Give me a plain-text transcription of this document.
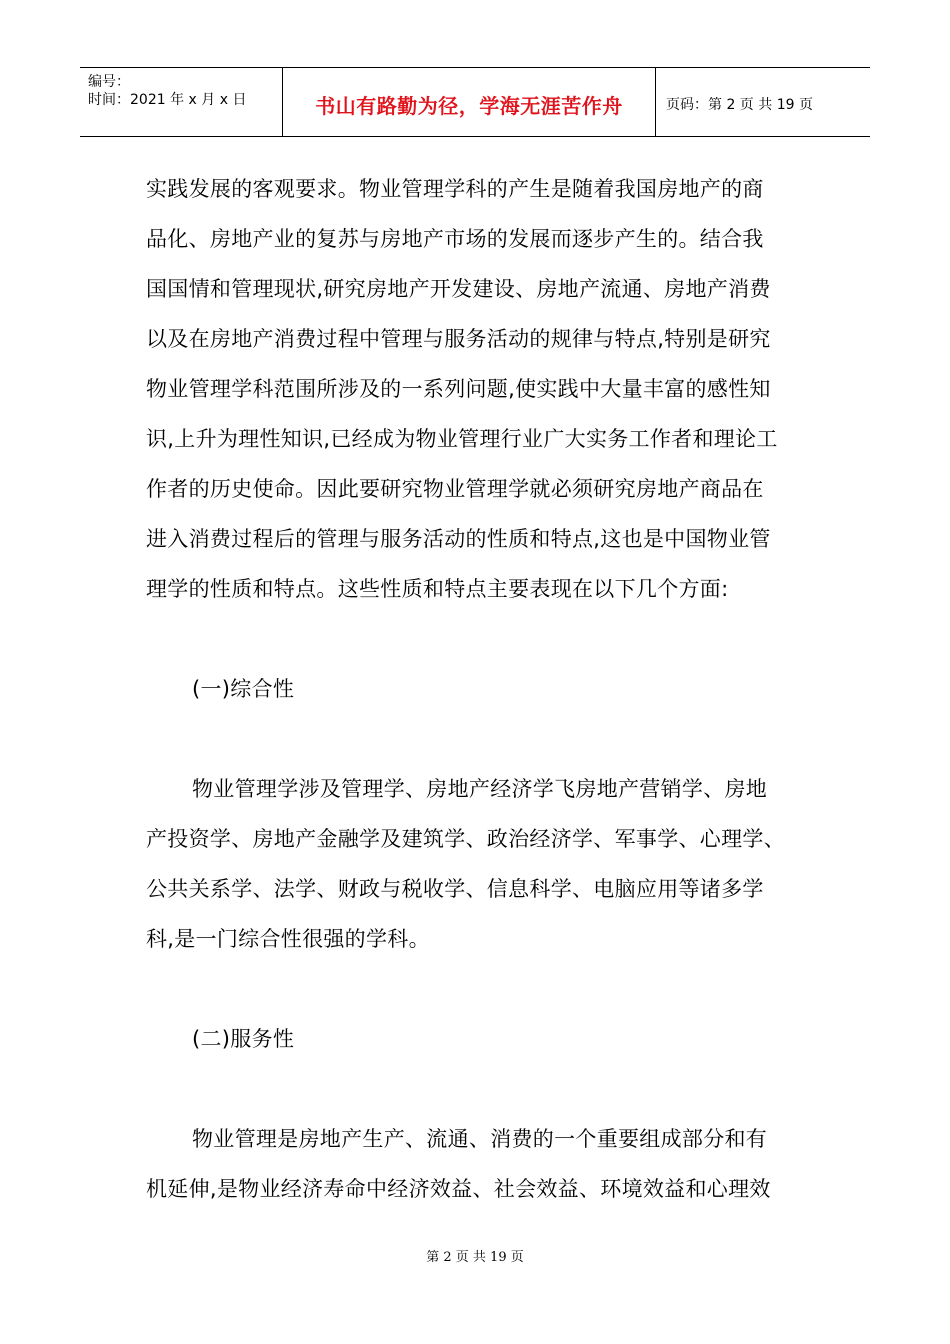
编号：
时间：2021 年 x 月 x 日	书山有路勤为径，学海无涯苦作舟	页码：第 2 页 共 19 页
实践发展的客观要求。物业管理学科的产生是随着我国房地产的商
品化、房地产业的复苏与房地产市场的发展而逐步产生的。结合我
国国情和管理现状,研究房地产开发建设、房地产流通、房地产消费
以及在房地产消费过程中管理与服务活动的规律与特点,特别是研究
物业管理学科范围所涉及的一系列问题,使实践中大量丰富的感性知
识,上升为理性知识,已经成为物业管理行业广大实务工作者和理论工
作者的历史使命。因此要研究物业管理学就必须研究房地产商品在
进入消费过程后的管理与服务活动的性质和特点,这也是中国物业管
理学的性质和特点。这些性质和特点主要表现在以下几个方面:
(一)综合性
物业管理学涉及管理学、房地产经济学飞房地产营销学、房地
产投资学、房地产金融学及建筑学、政治经济学、军事学、心理学、
公共关系学、法学、财政与税收学、信息科学、电脑应用等诸多学
科,是一门综合性很强的学科。
(二)服务性
物业管理是房地产生产、流通、消费的一个重要组成部分和有
机延伸,是物业经济寿命中经济效益、社会效益、环境效益和心理效
第 2 页 共 19 页
